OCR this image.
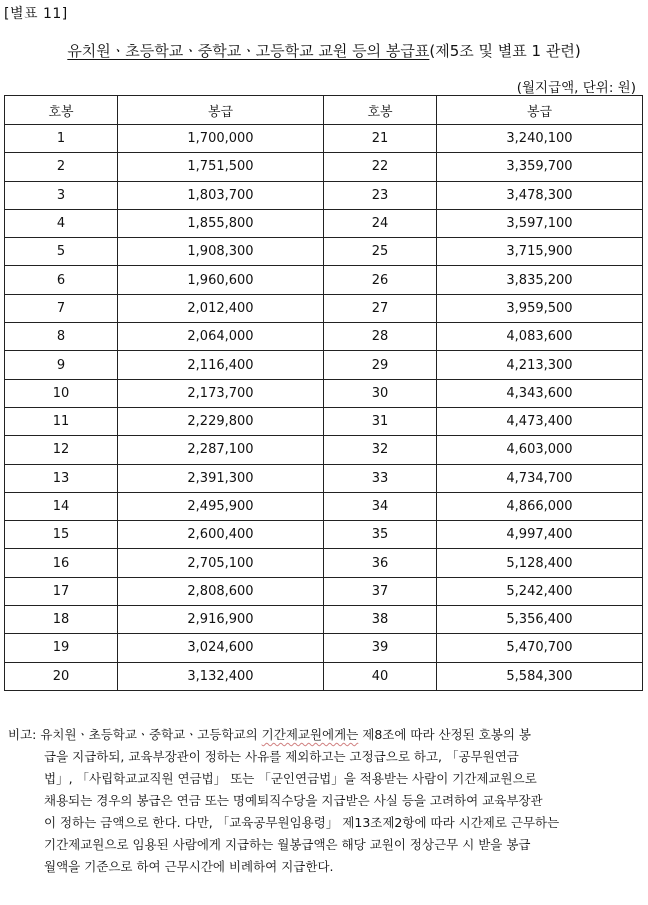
[별표 11]
유치원ㆍ초등학교ㆍ중학교ㆍ고등학교 교원 등의 봉급표(제5조 및 별표 1 관련)
(월지급액, 단위: 원)
호봉	봉급	호봉	봉급
1	1,700,000	21	3,240,100
2	1,751,500	22	3,359,700
3	1,803,700	23	3,478,300
4	1,855,800	24	3,597,100
5	1,908,300	25	3,715,900
6	1,960,600	26	3,835,200
7	2,012,400	27	3,959,500
8	2,064,000	28	4,083,600
9	2,116,400	29	4,213,300
10	2,173,700	30	4,343,600
11	2,229,800	31	4,473,400
12	2,287,100	32	4,603,000
13	2,391,300	33	4,734,700
14	2,495,900	34	4,866,000
15	2,600,400	35	4,997,400
16	2,705,100	36	5,128,400
17	2,808,600	37	5,242,400
18	2,916,900	38	5,356,400
19	3,024,600	39	5,470,700
20	3,132,400	40	5,584,300
비고: 유치원ㆍ초등학교ㆍ중학교ㆍ고등학교의 기간제교원에게는 제8조에 따라 산정된 호봉의 봉
급을 지급하되, 교육부장관이 정하는 사유를 제외하고는 고정급으로 하고, 「공무원연금
법」, 「사립학교교직원 연금법」 또는 「군인연금법」을 적용받는 사람이 기간제교원으로
채용되는 경우의 봉급은 연금 또는 명예퇴직수당을 지급받은 사실 등을 고려하여 교육부장관
이 정하는 금액으로 한다. 다만, 「교육공무원임용령」 제13조제2항에 따라 시간제로 근무하는
기간제교원으로 임용된 사람에게 지급하는 월봉급액은 해당 교원이 정상근무 시 받을 봉급
월액을 기준으로 하여 근무시간에 비례하여 지급한다.
